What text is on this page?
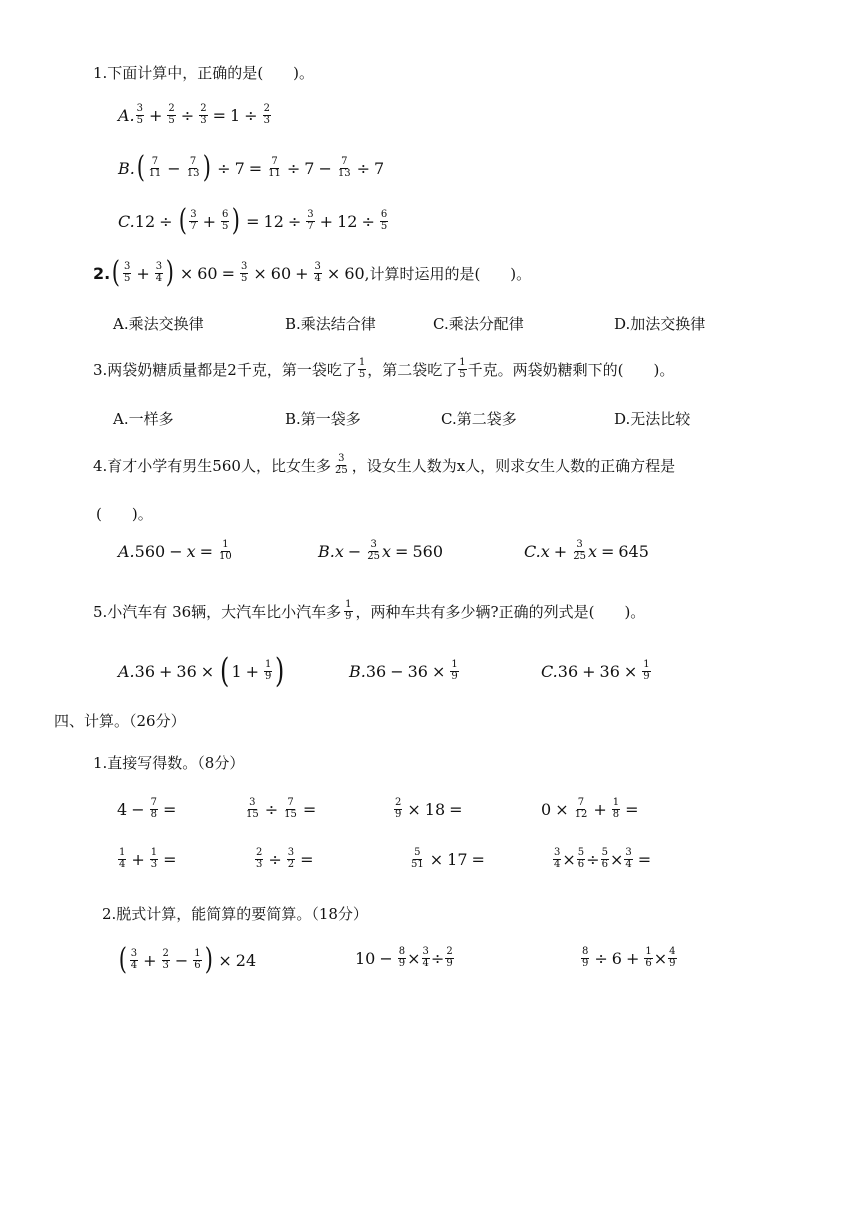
1.下面计算中，正确的是(　　)。
A. $\frac{3}{5} + \frac{2}{5} \div \frac{2}{3} = 1 \div \frac{2}{3}$
B. ( $\frac{7}{11} - \frac{7}{13}$ ) ÷ $7 = \frac{7}{11} \div 7 - \frac{7}{13} \div 7$
C. 12 ÷ ( $\frac{3}{7} + \frac{6}{5}$ ) = $12 \div \frac{3}{7} + 12 \div \frac{6}{5}$
2. ( $\frac{3}{5} + \frac{3}{4}$ ) × $60 = \frac{3}{5} \times 60 + \frac{3}{4} \times 60$ ,计算时运用的是(　　)。
A.乘法交换律	B.乘法结合律	C.乘法分配律	D.加法交换律
3.两袋奶糖质量都是2千克，第一袋吃了 $\frac{1}{5}$ ，第二袋吃了 $\frac{1}{5}$ 千克。两袋奶糖剩下的(　　)。
A.一样多	B.第一袋多	C.第二袋多	D.无法比较
4.育才小学有男生560人，比女生多 $\frac{3}{25}$ ，设女生人数为x人，则求女生人数的正确方程是
(　　)。
A. $560 - x = \frac{1}{10}$	B. $x - \frac{3}{25}$ x = 560	C. $x + \frac{3}{25}$ x = 645
5.小汽车有 36辆，大汽车比小汽车多 $\frac{1}{9}$ ，两种车共有多少辆?正确的列式是(　　)。
A. 36 + 36 × ( $1 + \frac{1}{9}$ )	B. $36 - 36 \times \frac{1}{9}$	C. $36 + 36 \times \frac{1}{9}$
四、计算。（26分）
1.直接写得数。（8分）
$4 - \frac{7}{8}$ =	$\frac{3}{15} \div \frac{7}{15}$ =	$\frac{2}{9} \times 18$ =	$0 \times \frac{7}{12} + \frac{1}{8}$ =
$\frac{1}{4} + \frac{1}{3}$ =	$\frac{2}{3} \div \frac{3}{2}$ =	$\frac{5}{51} \times 17$ =	$\frac{3}{4} \times \frac{5}{6} \div \frac{5}{6} \times \frac{3}{4}$ =
2.脱式计算，能简算的要简算。（18分）
( $\frac{3}{4} + \frac{2}{3} - \frac{1}{6}$ ) × 24	$10 - \frac{8}{9} \times \frac{3}{4} \div \frac{2}{9}$	$\frac{8}{9} \div 6 + \frac{1}{6} \times \frac{4}{9}$
